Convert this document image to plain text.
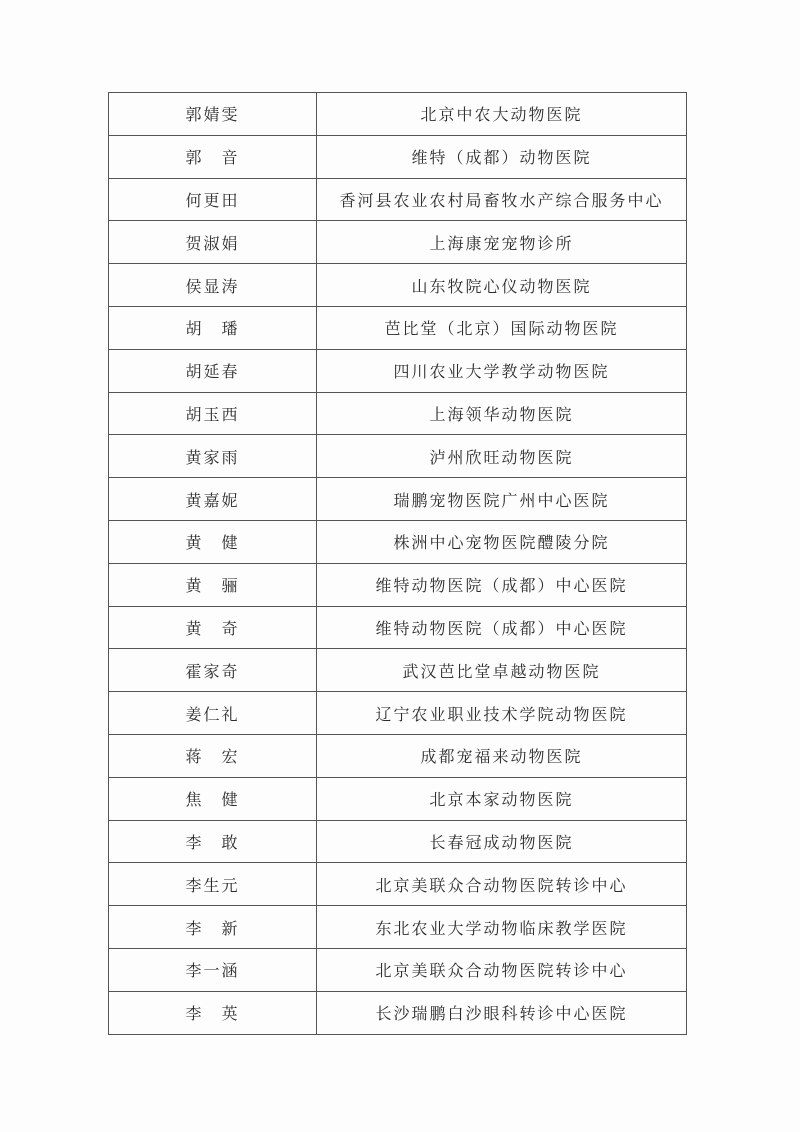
郭婧雯	北京中农大动物医院
郭　音	维特（成都）动物医院
何更田	香河县农业农村局畜牧水产综合服务中心
贺淑娟	上海康宠宠物诊所
侯显涛	山东牧院心仪动物医院
胡　璠	芭比堂（北京）国际动物医院
胡延春	四川农业大学教学动物医院
胡玉西	上海领华动物医院
黄家雨	泸州欣旺动物医院
黄嘉妮	瑞鹏宠物医院广州中心医院
黄　健	株洲中心宠物医院醴陵分院
黄　骊	维特动物医院（成都）中心医院
黄　奇	维特动物医院（成都）中心医院
霍家奇	武汉芭比堂卓越动物医院
姜仁礼	辽宁农业职业技术学院动物医院
蒋　宏	成都宠福来动物医院
焦　健	北京本家动物医院
李　敢	长春冠成动物医院
李生元	北京美联众合动物医院转诊中心
李　新	东北农业大学动物临床教学医院
李一涵	北京美联众合动物医院转诊中心
李　英	长沙瑞鹏白沙眼科转诊中心医院
